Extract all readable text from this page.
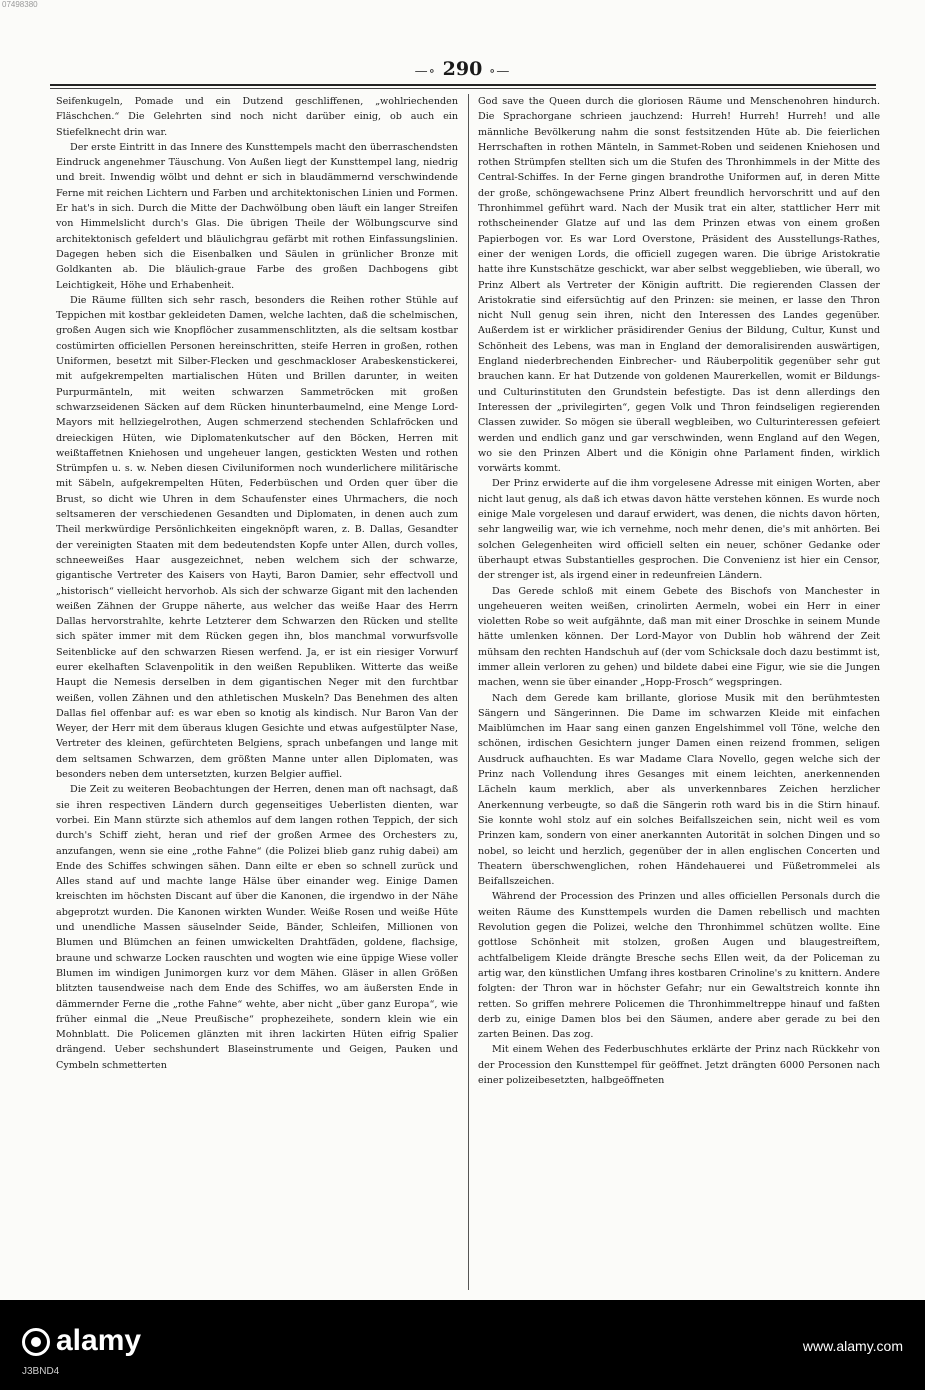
07498380
—∘ 290 ∘—

Seifenkugeln, Pomade und ein Dutzend geschliffenen, „wohlriechenden Fläschchen.“ Die Gelehrten sind noch nicht darüber einig, ob auch ein Stiefelknecht drin war.

Der erste Eintritt in das Innere des Kunsttempels macht den überraschendsten Eindruck angenehmer Täuschung. Von Außen liegt der Kunsttempel lang, niedrig und breit. Inwendig wölbt und dehnt er sich in blaudämmernd verschwindende Ferne mit reichen Lichtern und Farben und architektonischen Linien und Formen. Er hat's in sich. Durch die Mitte der Dachwölbung oben läuft ein langer Streifen von Himmelslicht durch's Glas. Die übrigen Theile der Wölbungscurve sind architektonisch gefeldert und bläulichgrau gefärbt mit rothen Einfassungslinien. Dagegen heben sich die Eisenbalken und Säulen in grünlicher Bronze mit Goldkanten ab. Die bläulich-graue Farbe des großen Dachbogens gibt Leichtigkeit, Höhe und Erhabenheit.

Die Räume füllten sich sehr rasch, besonders die Reihen rother Stühle auf Teppichen mit kostbar gekleideten Damen, welche lachten, daß die schelmischen, großen Augen sich wie Knopflöcher zusammenschlitzten, als die seltsam kostbar costümirten officiellen Personen hereinschritten, steife Herren in großen, rothen Uniformen, besetzt mit Silber-Flecken und geschmackloser Arabeskenstickerei, mit aufgekrempelten martialischen Hüten und Brillen darunter, in weiten Purpurmänteln, mit weiten schwarzen Sammetröcken mit großen schwarzseidenen Säcken auf dem Rücken hinunterbaumelnd, eine Menge Lord-Mayors mit hellziegelrothen, Augen schmerzend stechenden Schlafröcken und dreieckigen Hüten, wie Diplomatenkutscher auf den Böcken, Herren mit weißtaffetnen Kniehosen und ungeheuer langen, gestickten Westen und rothen Strümpfen u. s. w. Neben diesen Civiluniformen noch wunderlichere militärische mit Säbeln, aufgekrempelten Hüten, Federbüschen und Orden quer über die Brust, so dicht wie Uhren in dem Schaufenster eines Uhrmachers, die noch seltsameren der verschiedenen Gesandten und Diplomaten, in denen auch zum Theil merkwürdige Persönlichkeiten eingeknöpft waren, z. B. Dallas, Gesandter der vereinigten Staaten mit dem bedeutendsten Kopfe unter Allen, durch volles, schneeweißes Haar ausgezeichnet, neben welchem sich der schwarze, gigantische Vertreter des Kaisers von Hayti, Baron Damier, sehr effectvoll und „historisch“ vielleicht hervorhob. Als sich der schwarze Gigant mit den lachenden weißen Zähnen der Gruppe näherte, aus welcher das weiße Haar des Herrn Dallas hervorstrahlte, kehrte Letzterer dem Schwarzen den Rücken und stellte sich später immer mit dem Rücken gegen ihn, blos manchmal vorwurfsvolle Seitenblicke auf den schwarzen Riesen werfend. Ja, er ist ein riesiger Vorwurf eurer ekelhaften Sclavenpolitik in den weißen Republiken. Witterte das weiße Haupt die Nemesis derselben in dem gigantischen Neger mit den furchtbar weißen, vollen Zähnen und den athletischen Muskeln? Das Benehmen des alten Dallas fiel offenbar auf: es war eben so knotig als kindisch. Nur Baron Van der Weyer, der Herr mit dem überaus klugen Gesichte und etwas aufgestülpter Nase, Vertreter des kleinen, gefürchteten Belgiens, sprach unbefangen und lange mit dem seltsamen Schwarzen, dem größten Manne unter allen Diplomaten, was besonders neben dem untersetzten, kurzen Belgier auffiel.

Die Zeit zu weiteren Beobachtungen der Herren, denen man oft nachsagt, daß sie ihren respectiven Ländern durch gegenseitiges Ueberlisten dienten, war vorbei. Ein Mann stürzte sich athemlos auf dem langen rothen Teppich, der sich durch's Schiff zieht, heran und rief der großen Armee des Orchesters zu, anzufangen, wenn sie eine „rothe Fahne“ (die Polizei blieb ganz ruhig dabei) am Ende des Schiffes schwingen sähen. Dann eilte er eben so schnell zurück und Alles stand auf und machte lange Hälse über einander weg. Einige Damen kreischten im höchsten Discant auf über die Kanonen, die irgendwo in der Nähe abgeprotzt wurden. Die Kanonen wirkten Wunder. Weiße Rosen und weiße Hüte und unendliche Massen säuselnder Seide, Bänder, Schleifen, Millionen von Blumen und Blümchen an feinen umwickelten Drahtfäden, goldene, flachsige, braune und schwarze Locken rauschten und wogten wie eine üppige Wiese voller Blumen im windigen Junimorgen kurz vor dem Mähen. Gläser in allen Größen blitzten tausendweise nach dem Ende des Schiffes, wo am äußersten Ende in dämmernder Ferne die „rothe Fahne“ wehte, aber nicht „über ganz Europa“, wie früher einmal die „Neue Preußische“ prophezeihete, sondern klein wie ein Mohnblatt. Die Policemen glänzten mit ihren lackirten Hüten eifrig Spalier drängend. Ueber sechshundert Blaseinstrumente und Geigen, Pauken und Cymbeln schmetterten

God save the Queen durch die gloriosen Räume und Menschenohren hindurch. Die Sprachorgane schrieen jauchzend: Hurreh! Hurreh! Hurreh! und alle männliche Bevölkerung nahm die sonst festsitzenden Hüte ab. Die feierlichen Herrschaften in rothen Mänteln, in Sammet-Roben und seidenen Kniehosen und rothen Strümpfen stellten sich um die Stufen des Thronhimmels in der Mitte des Central-Schiffes. In der Ferne gingen brandrothe Uniformen auf, in deren Mitte der große, schöngewachsene Prinz Albert freundlich hervorschritt und auf den Thronhimmel geführt ward. Nach der Musik trat ein alter, stattlicher Herr mit rothscheinender Glatze auf und las dem Prinzen etwas von einem großen Papierbogen vor. Es war Lord Overstone, Präsident des Ausstellungs-Rathes, einer der wenigen Lords, die officiell zugegen waren. Die übrige Aristokratie hatte ihre Kunstschätze geschickt, war aber selbst weggeblieben, wie überall, wo Prinz Albert als Vertreter der Königin auftritt. Die regierenden Classen der Aristokratie sind eifersüchtig auf den Prinzen: sie meinen, er lasse den Thron nicht Null genug sein ihren, nicht den Interessen des Landes gegenüber. Außerdem ist er wirklicher präsidirender Genius der Bildung, Cultur, Kunst und Schönheit des Lebens, was man in England der demoralisirenden auswärtigen, England niederbrechenden Einbrecher- und Räuberpolitik gegenüber sehr gut brauchen kann. Er hat Dutzende von goldenen Maurerkellen, womit er Bildungs- und Culturinstituten den Grundstein befestigte. Das ist denn allerdings den Interessen der „privilegirten“, gegen Volk und Thron feindseligen regierenden Classen zuwider. So mögen sie überall wegbleiben, wo Culturinteressen gefeiert werden und endlich ganz und gar verschwinden, wenn England auf den Wegen, wo sie den Prinzen Albert und die Königin ohne Parlament finden, wirklich vorwärts kommt.

Der Prinz erwiderte auf die ihm vorgelesene Adresse mit einigen Worten, aber nicht laut genug, als daß ich etwas davon hätte verstehen können. Es wurde noch einige Male vorgelesen und darauf erwidert, was denen, die nichts davon hörten, sehr langweilig war, wie ich vernehme, noch mehr denen, die's mit anhörten. Bei solchen Gelegenheiten wird officiell selten ein neuer, schöner Gedanke oder überhaupt etwas Substantielles gesprochen. Die Convenienz ist hier ein Censor, der strenger ist, als irgend einer in redeunfreien Ländern.

Das Gerede schloß mit einem Gebete des Bischofs von Manchester in ungeheueren weiten weißen, crinolirten Aermeln, wobei ein Herr in einer violetten Robe so weit aufgähnte, daß man mit einer Droschke in seinem Munde hätte umlenken können. Der Lord-Mayor von Dublin hob während der Zeit mühsam den rechten Handschuh auf (der vom Schicksale doch dazu bestimmt ist, immer allein verloren zu gehen) und bildete dabei eine Figur, wie sie die Jungen machen, wenn sie über einander „Hopp-Frosch“ wegspringen.

Nach dem Gerede kam brillante, gloriose Musik mit den berühmtesten Sängern und Sängerinnen. Die Dame im schwarzen Kleide mit einfachen Maiblümchen im Haar sang einen ganzen Engelshimmel voll Töne, welche den schönen, irdischen Gesichtern junger Damen einen reizend frommen, seligen Ausdruck aufhauchten. Es war Madame Clara Novello, gegen welche sich der Prinz nach Vollendung ihres Gesanges mit einem leichten, anerkennenden Lächeln kaum merklich, aber als unverkennbares Zeichen herzlicher Anerkennung verbeugte, so daß die Sängerin roth ward bis in die Stirn hinauf. Sie konnte wohl stolz auf ein solches Beifallszeichen sein, nicht weil es vom Prinzen kam, sondern von einer anerkannten Autorität in solchen Dingen und so nobel, so leicht und herzlich, gegenüber der in allen englischen Concerten und Theatern überschwenglichen, rohen Händehauerei und Füßetrommelei als Beifallszeichen.

Während der Procession des Prinzen und alles officiellen Personals durch die weiten Räume des Kunsttempels wurden die Damen rebellisch und machten Revolution gegen die Polizei, welche den Thronhimmel schützen wollte. Eine gottlose Schönheit mit stolzen, großen Augen und blaugestreiftem, achtfalbeligem Kleide drängte Bresche sechs Ellen weit, da der Policeman zu artig war, den künstlichen Umfang ihres kostbaren Crinoline's zu knittern. Andere folgten: der Thron war in höchster Gefahr; nur ein Gewaltstreich konnte ihn retten. So griffen mehrere Policemen die Thronhimmeltreppe hinauf und faßten derb zu, einige Damen blos bei den Säumen, andere aber gerade zu bei den zarten Beinen. Das zog.

Mit einem Wehen des Federbuschhutes erklärte der Prinz nach Rückkehr von der Procession den Kunsttempel für geöffnet. Jetzt drängten 6000 Personen nach einer polizeibesetzten, halbgeöffneten

alamy
J3BND4
www.alamy.com
